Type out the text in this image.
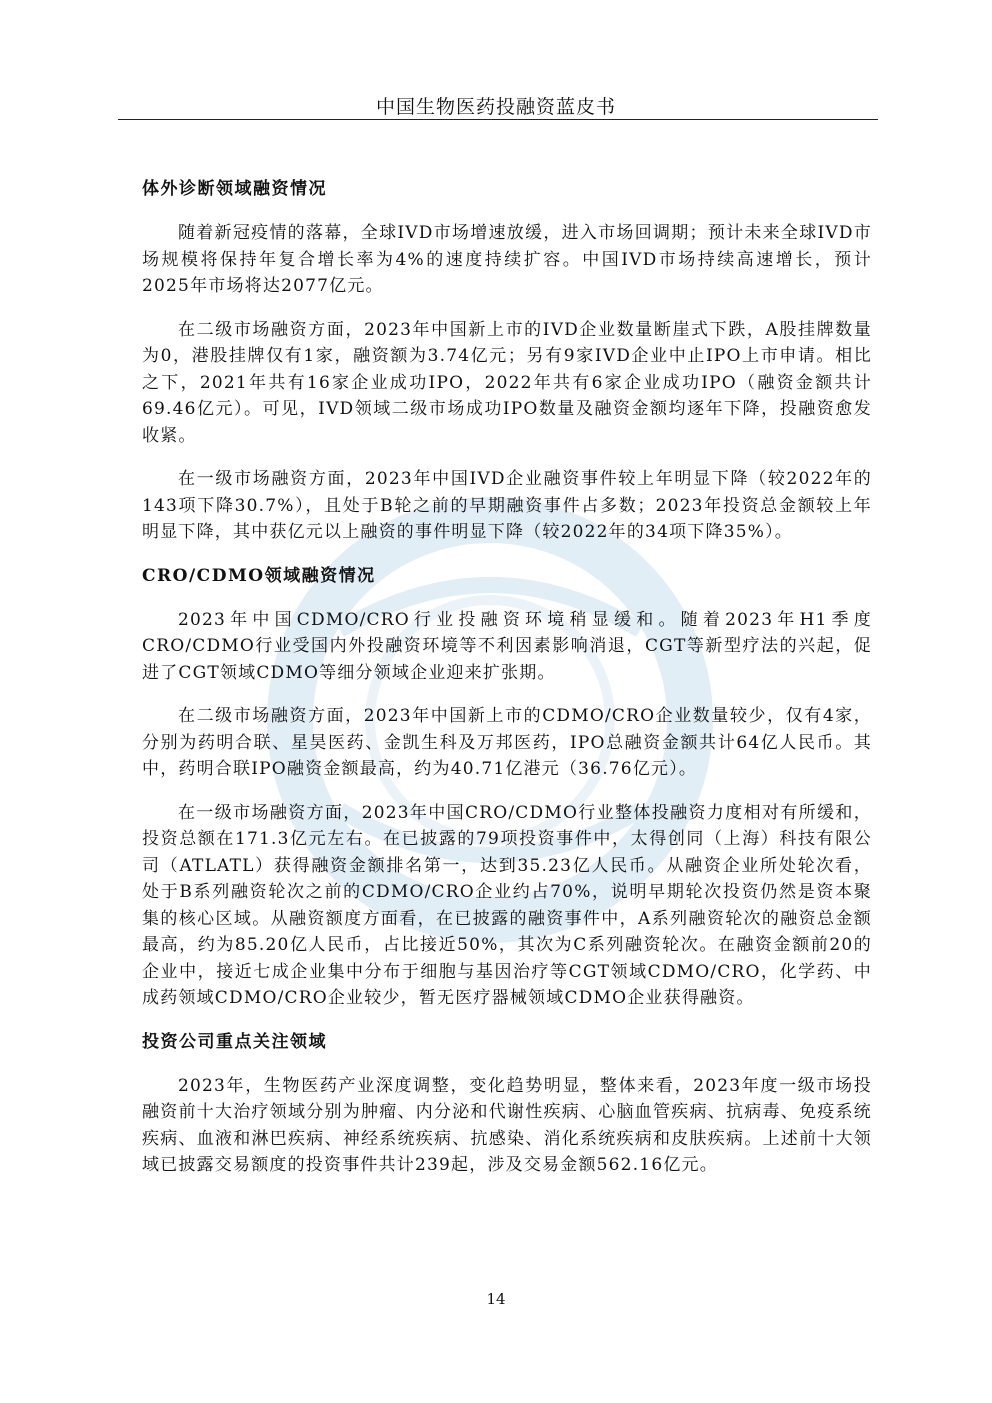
中国生物医药投融资蓝皮书
体外诊断领域融资情况

随着新冠疫情的落幕，全球IVD市场增速放缓，进入市场回调期；预计未来全球IVD市场规模将保持年复合增长率为4%的速度持续扩容。中国IVD市场持续高速增长，预计2025年市场将达2077亿元。

在二级市场融资方面，2023年中国新上市的IVD企业数量断崖式下跌，A股挂牌数量为0，港股挂牌仅有1家，融资额为3.74亿元；另有9家IVD企业中止IPO上市申请。相比之下，2021年共有16家企业成功IPO，2022年共有6家企业成功IPO（融资金额共计69.46亿元）。可见，IVD领域二级市场成功IPO数量及融资金额均逐年下降，投融资愈发收紧。

在一级市场融资方面，2023年中国IVD企业融资事件较上年明显下降（较2022年的143项下降30.7%），且处于B轮之前的早期融资事件占多数；2023年投资总金额较上年明显下降，其中获亿元以上融资的事件明显下降（较2022年的34项下降35%）。

CRO/CDMO领域融资情况

2023年中国CDMO/CRO行业投融资环境稍显缓和。随着2023年H1季度CRO/CDMO行业受国内外投融资环境等不利因素影响消退，CGT等新型疗法的兴起，促进了CGT领域CDMO等细分领域企业迎来扩张期。

在二级市场融资方面，2023年中国新上市的CDMO/CRO企业数量较少，仅有4家，分别为药明合联、星昊医药、金凯生科及万邦医药，IPO总融资金额共计64亿人民币。其中，药明合联IPO融资金额最高，约为40.71亿港元（36.76亿元）。

在一级市场融资方面，2023年中国CRO/CDMO行业整体投融资力度相对有所缓和，投资总额在171.3亿元左右。在已披露的79项投资事件中，太得创同（上海）科技有限公司（ATLATL）获得融资金额排名第一，达到35.23亿人民币。从融资企业所处轮次看，处于B系列融资轮次之前的CDMO/CRO企业约占70%，说明早期轮次投资仍然是资本聚集的核心区域。从融资额度方面看，在已披露的融资事件中，A系列融资轮次的融资总金额最高，约为85.20亿人民币，占比接近50%，其次为C系列融资轮次。在融资金额前20的企业中，接近七成企业集中分布于细胞与基因治疗等CGT领域CDMO/CRO，化学药、中成药领域CDMO/CRO企业较少，暂无医疗器械领域CDMO企业获得融资。

投资公司重点关注领域

2023年，生物医药产业深度调整，变化趋势明显，整体来看，2023年度一级市场投融资前十大治疗领域分别为肿瘤、内分泌和代谢性疾病、心脑血管疾病、抗病毒、免疫系统疾病、血液和淋巴疾病、神经系统疾病、抗感染、消化系统疾病和皮肤疾病。上述前十大领域已披露交易额度的投资事件共计239起，涉及交易金额562.16亿元。

14
